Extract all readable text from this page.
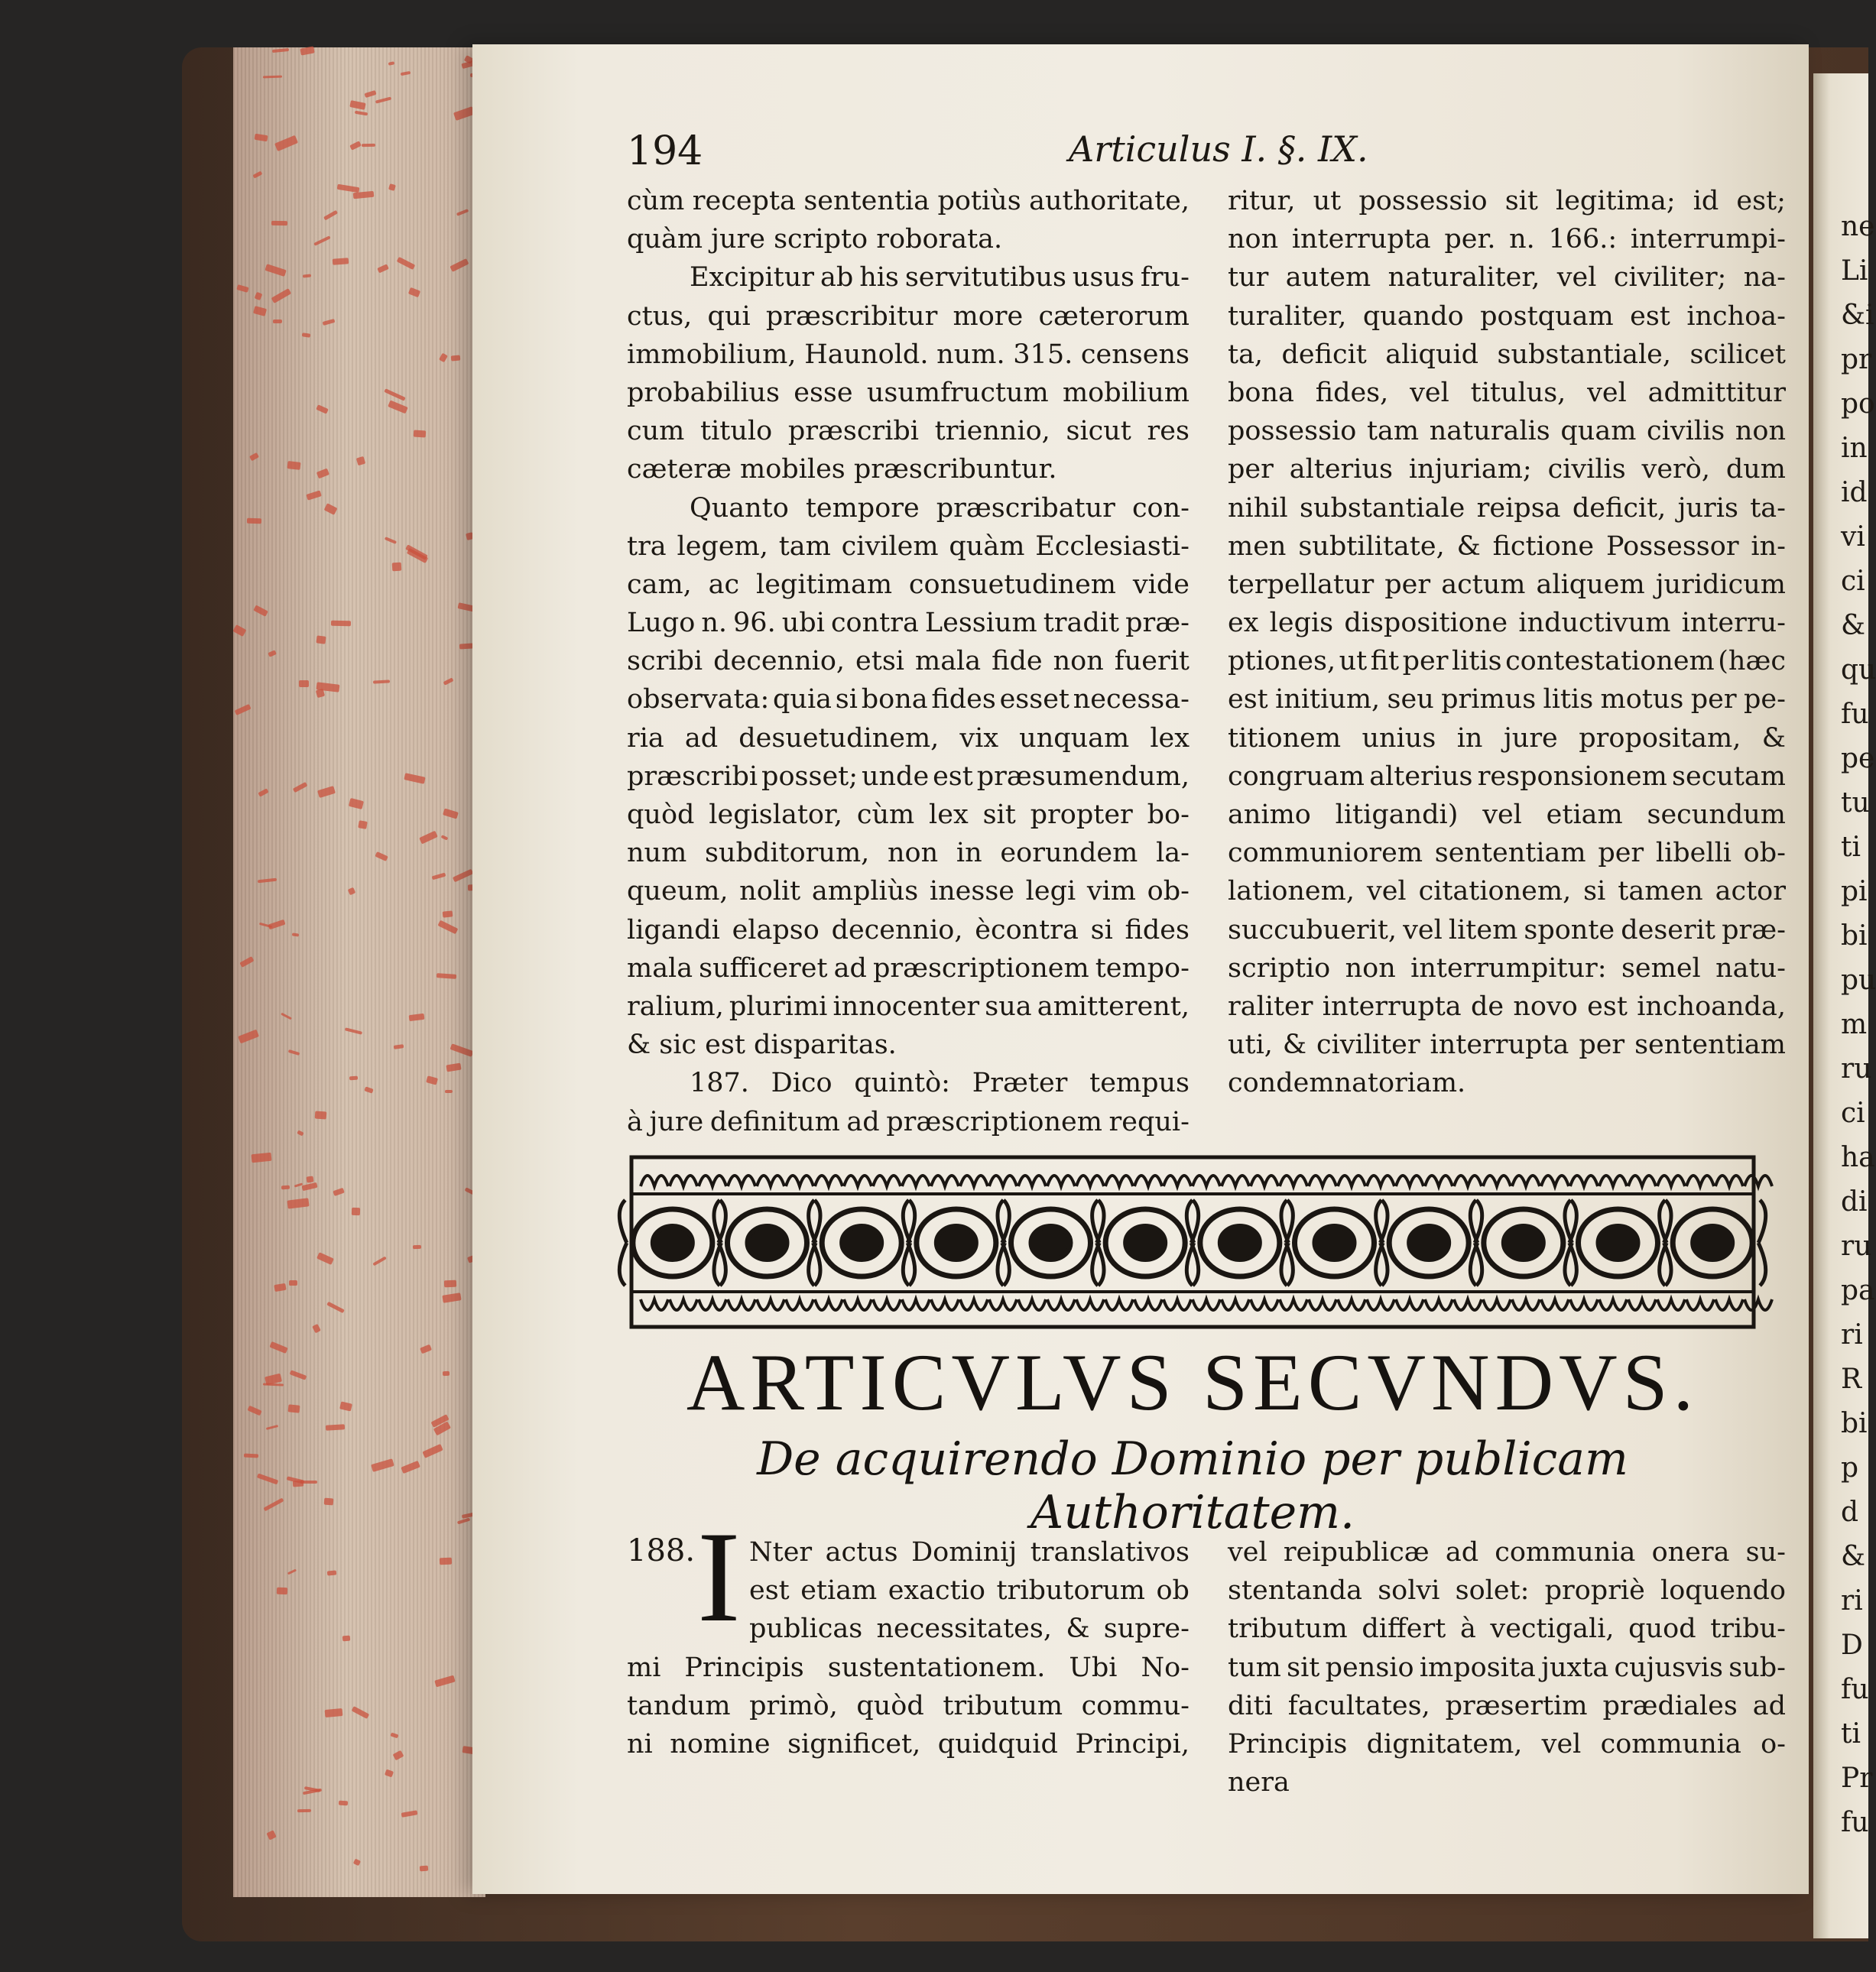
ne
Li
&i
pr
po
in
id
vi
ci
&
qu
fu
pe
tu
ti
pi
bi
pu
m
ru
ci
ha
di
ru
pa
ri
R
bi
p
d
&
ri
D
fu
ti
Pr
fu
194	Articulus I. §. IX.
cùm recepta sententia potiùs authoritate,
quàm jure scripto roborata.
Excipitur ab his servitutibus usus fru-
ctus, qui præscribitur more cæterorum
immobilium, Haunold. num. 315. censens
probabilius esse usumfructum mobilium
cum titulo præscribi triennio, sicut res
cæteræ mobiles præscribuntur.
Quanto tempore præscribatur con-
tra legem, tam civilem quàm Ecclesiasti-
cam, ac legitimam consuetudinem vide
Lugo n. 96. ubi contra Lessium tradit præ-
scribi decennio, etsi mala fide non fuerit
observata: quia si bona fides esset necessa-
ria ad desuetudinem, vix unquam lex
præscribi posset; unde est præsumendum,
quòd legislator, cùm lex sit propter bo-
num subditorum, non in eorundem la-
queum, nolit ampliùs inesse legi vim ob-
ligandi elapso decennio, ècontra si fides
mala sufficeret ad præscriptionem tempo-
ralium, plurimi innocenter sua amitterent,
& sic est disparitas.
187. Dico quintò: Præter tempus
à jure definitum ad præscriptionem requi-
ritur, ut possessio sit legitima; id est;
non interrupta per. n. 166.: interrumpi-
tur autem naturaliter, vel civiliter; na-
turaliter, quando postquam est inchoa-
ta, deficit aliquid substantiale, scilicet
bona fides, vel titulus, vel admittitur
possessio tam naturalis quam civilis non
per alterius injuriam; civilis verò, dum
nihil substantiale reipsa deficit, juris ta-
men subtilitate, & fictione Possessor in-
terpellatur per actum aliquem juridicum
ex legis dispositione inductivum interru-
ptiones, ut fit per litis contestationem (hæc
est initium, seu primus litis motus per pe-
titionem unius in jure propositam, &
congruam alterius responsionem secutam
animo litigandi) vel etiam secundum
communiorem sententiam per libelli ob-
lationem, vel citationem, si tamen actor
succubuerit, vel litem sponte deserit præ-
scriptio non interrumpitur: semel natu-
raliter interrupta de novo est inchoanda,
uti, & civiliter interrupta per sententiam
condemnatoriam.
ARTICVLVS SECVNDVS.
De acquirendo Dominio per publicam Authoritatem.
188. I Nter actus Dominij translativos
est etiam exactio tributorum ob
publicas necessitates, & supre-
mi Principis sustentationem. Ubi No-
tandum primò, quòd tributum commu-
ni nomine significet, quidquid Principi,
vel reipublicæ ad communia onera su-
stentanda solvi solet: propriè loquendo
tributum differt à vectigali, quod tribu-
tum sit pensio imposita juxta cujusvis sub-
diti facultates, præsertim prædiales ad
Principis dignitatem, vel communia o-
nera
